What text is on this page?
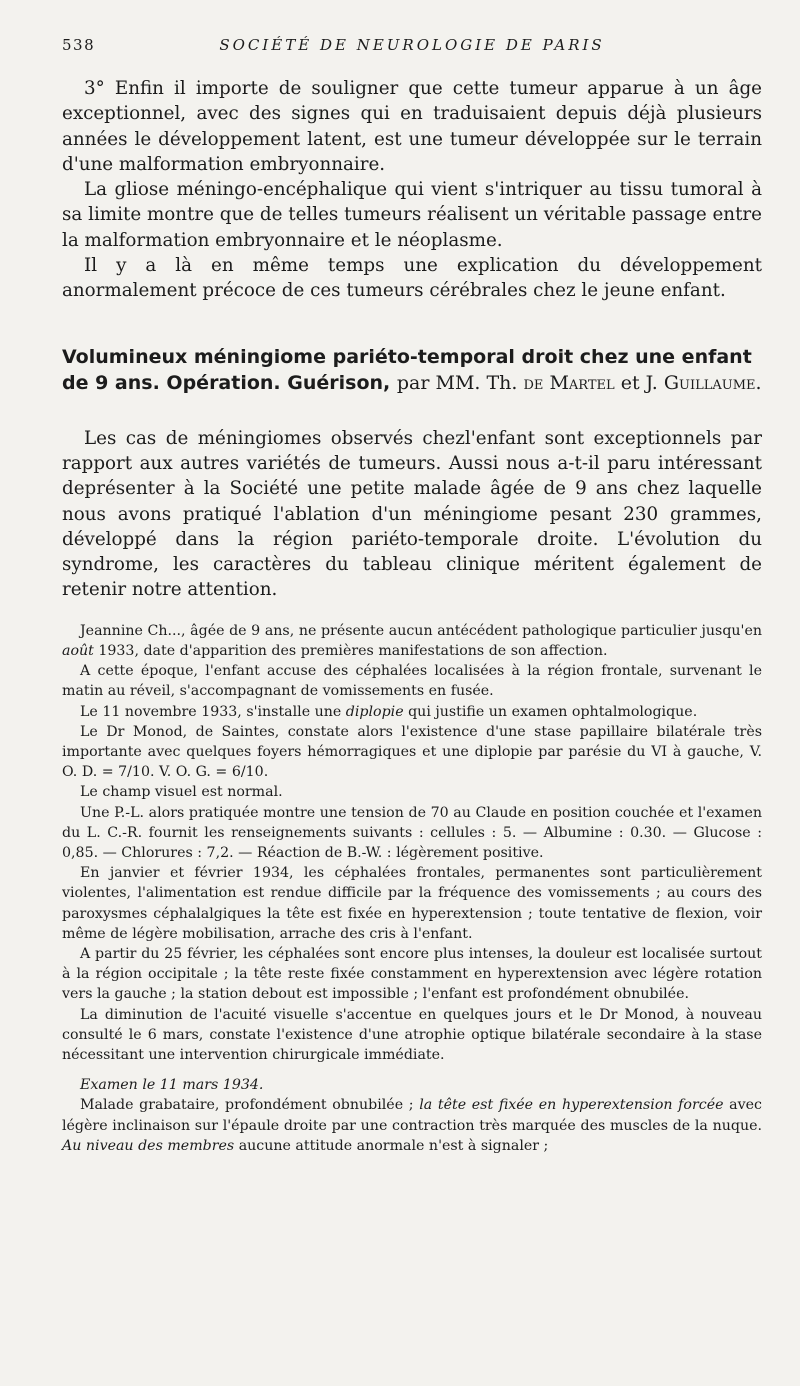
538	SOCIÉTÉ DE NEUROLOGIE DE PARIS

3° Enfin il importe de souligner que cette tumeur apparue à un âge exceptionnel, avec des signes qui en traduisaient depuis déjà plusieurs années le développement latent, est une tumeur développée sur le terrain d'une malformation embryonnaire.

La gliose méningo-encéphalique qui vient s'intriquer au tissu tumoral à sa limite montre que de telles tumeurs réalisent un véritable passage entre la malformation embryonnaire et le néoplasme.

Il y a là en même temps une explication du développement anormalement précoce de ces tumeurs cérébrales chez le jeune enfant.

Volumineux méningiome pariéto-temporal droit chez une enfant de 9 ans. Opération. Guérison, par MM. Th. de Martel et J. Guillaume.

Les cas de méningiomes observés chezl'enfant sont exceptionnels par rapport aux autres variétés de tumeurs. Aussi nous a-t-il paru intéressant deprésenter à la Société une petite malade âgée de 9 ans chez laquelle nous avons pratiqué l'ablation d'un méningiome pesant 230 grammes, développé dans la région pariéto-temporale droite. L'évolution du syndrome, les caractères du tableau clinique méritent également de retenir notre attention.

Jeannine Ch..., âgée de 9 ans, ne présente aucun antécédent pathologique particulier jusqu'en août 1933, date d'apparition des premières manifestations de son affection.

A cette époque, l'enfant accuse des céphalées localisées à la région frontale, survenant le matin au réveil, s'accompagnant de vomissements en fusée.

Le 11 novembre 1933, s'installe une diplopie qui justifie un examen ophtalmologique.

Le Dr Monod, de Saintes, constate alors l'existence d'une stase papillaire bilatérale très importante avec quelques foyers hémorragiques et une diplopie par parésie du VI à gauche, V. O. D. = 7/10. V. O. G. = 6/10.

Le champ visuel est normal.

Une P.-L. alors pratiquée montre une tension de 70 au Claude en position couchée et l'examen du L. C.-R. fournit les renseignements suivants : cellules : 5. — Albumine : 0.30. — Glucose : 0,85. — Chlorures : 7,2. — Réaction de B.-W. : légèrement positive.

En janvier et février 1934, les céphalées frontales, permanentes sont particulièrement violentes, l'alimentation est rendue difficile par la fréquence des vomissements ; au cours des paroxysmes céphalalgiques la tête est fixée en hyperextension ; toute tentative de flexion, voir même de légère mobilisation, arrache des cris à l'enfant.

A partir du 25 février, les céphalées sont encore plus intenses, la douleur est localisée surtout à la région occipitale ; la tête reste fixée constamment en hyperextension avec légère rotation vers la gauche ; la station debout est impossible ; l'enfant est profondément obnubilée.

La diminution de l'acuité visuelle s'accentue en quelques jours et le Dr Monod, à nouveau consulté le 6 mars, constate l'existence d'une atrophie optique bilatérale secondaire à la stase nécessitant une intervention chirurgicale immédiate.

Examen le 11 mars 1934.

Malade grabataire, profondément obnubilée ; la tête est fixée en hyperextension forcée avec légère inclinaison sur l'épaule droite par une contraction très marquée des muscles de la nuque. Au niveau des membres aucune attitude anormale n'est à signaler ;
